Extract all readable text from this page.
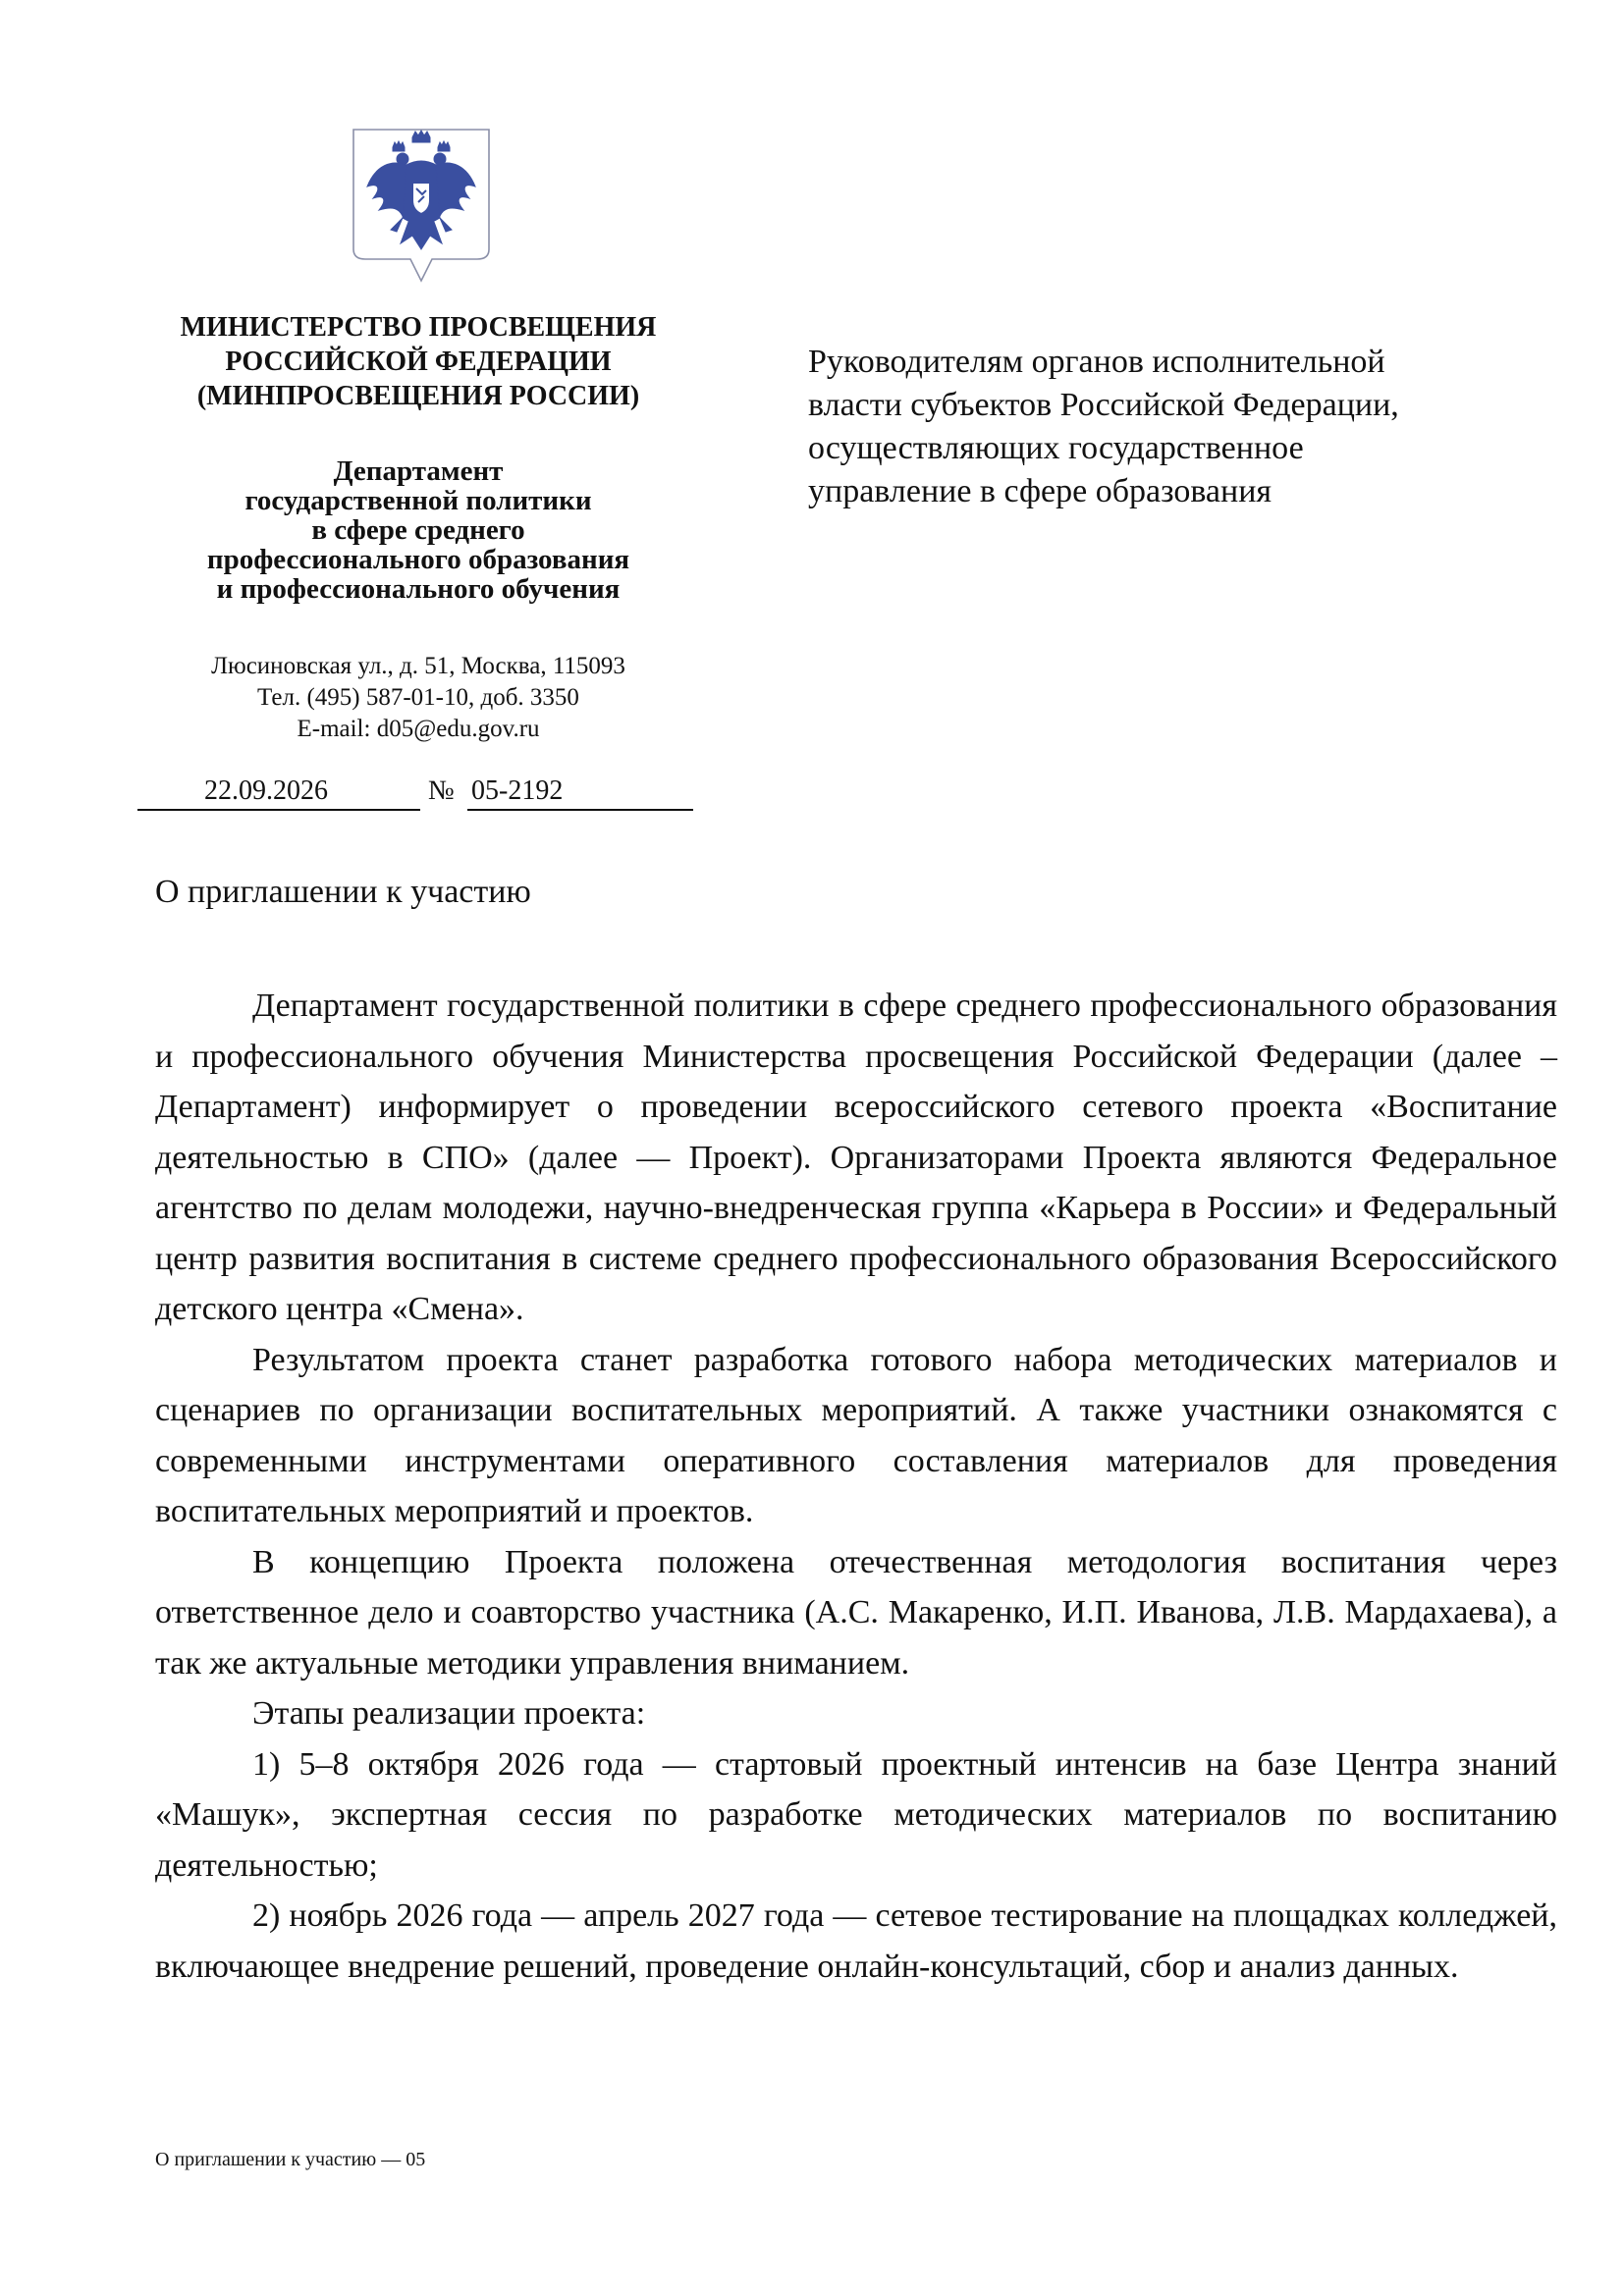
МИНИСТЕРСТВО ПРОСВЕЩЕНИЯ
РОССИЙСКОЙ ФЕДЕРАЦИИ
(МИНПРОСВЕЩЕНИЯ РОССИИ)
Департамент
государственной политики
в сфере среднего
профессионального образования
и профессионального обучения
Люсиновская ул., д. 51, Москва, 115093
Тел. (495) 587-01-10, доб. 3350
E-mail: d05@edu.gov.ru
22.09.2026	№ 05-2192
Руководителям органов исполнительной
власти субъектов Российской Федерации,
осуществляющих государственное
управление в сфере образования
О приглашении к участию

Департамент государственной политики в сфере среднего профессионального образования и профессионального обучения Министерства просвещения Российской Федерации (далее – Департамент) информирует о проведении всероссийского сетевого проекта «Воспитание деятельностью в СПО» (далее — Проект). Организаторами Проекта являются Федеральное агентство по делам молодежи, научно-внедренческая группа «Карьера в России» и Федеральный центр развития воспитания в системе среднего профессионального образования Всероссийского детского центра «Смена».

Результатом проекта станет разработка готового набора методических материалов и сценариев по организации воспитательных мероприятий. А также участники ознакомятся с современными инструментами оперативного составления материалов для проведения воспитательных мероприятий и проектов.

В концепцию Проекта положена отечественная методология воспитания через ответственное дело и соавторство участника (А.С. Макаренко, И.П. Иванова, Л.В. Мардахаева), а так же актуальные методики управления вниманием.

Этапы реализации проекта:

1) 5–8 октября 2026 года — стартовый проектный интенсив на базе Центра знаний «Машук», экспертная сессия по разработке методических материалов по воспитанию деятельностью;

2) ноябрь 2026 года — апрель 2027 года — сетевое тестирование на площадках колледжей, включающее внедрение решений, проведение онлайн-консультаций, сбор и анализ данных.

О приглашении к участию — 05
